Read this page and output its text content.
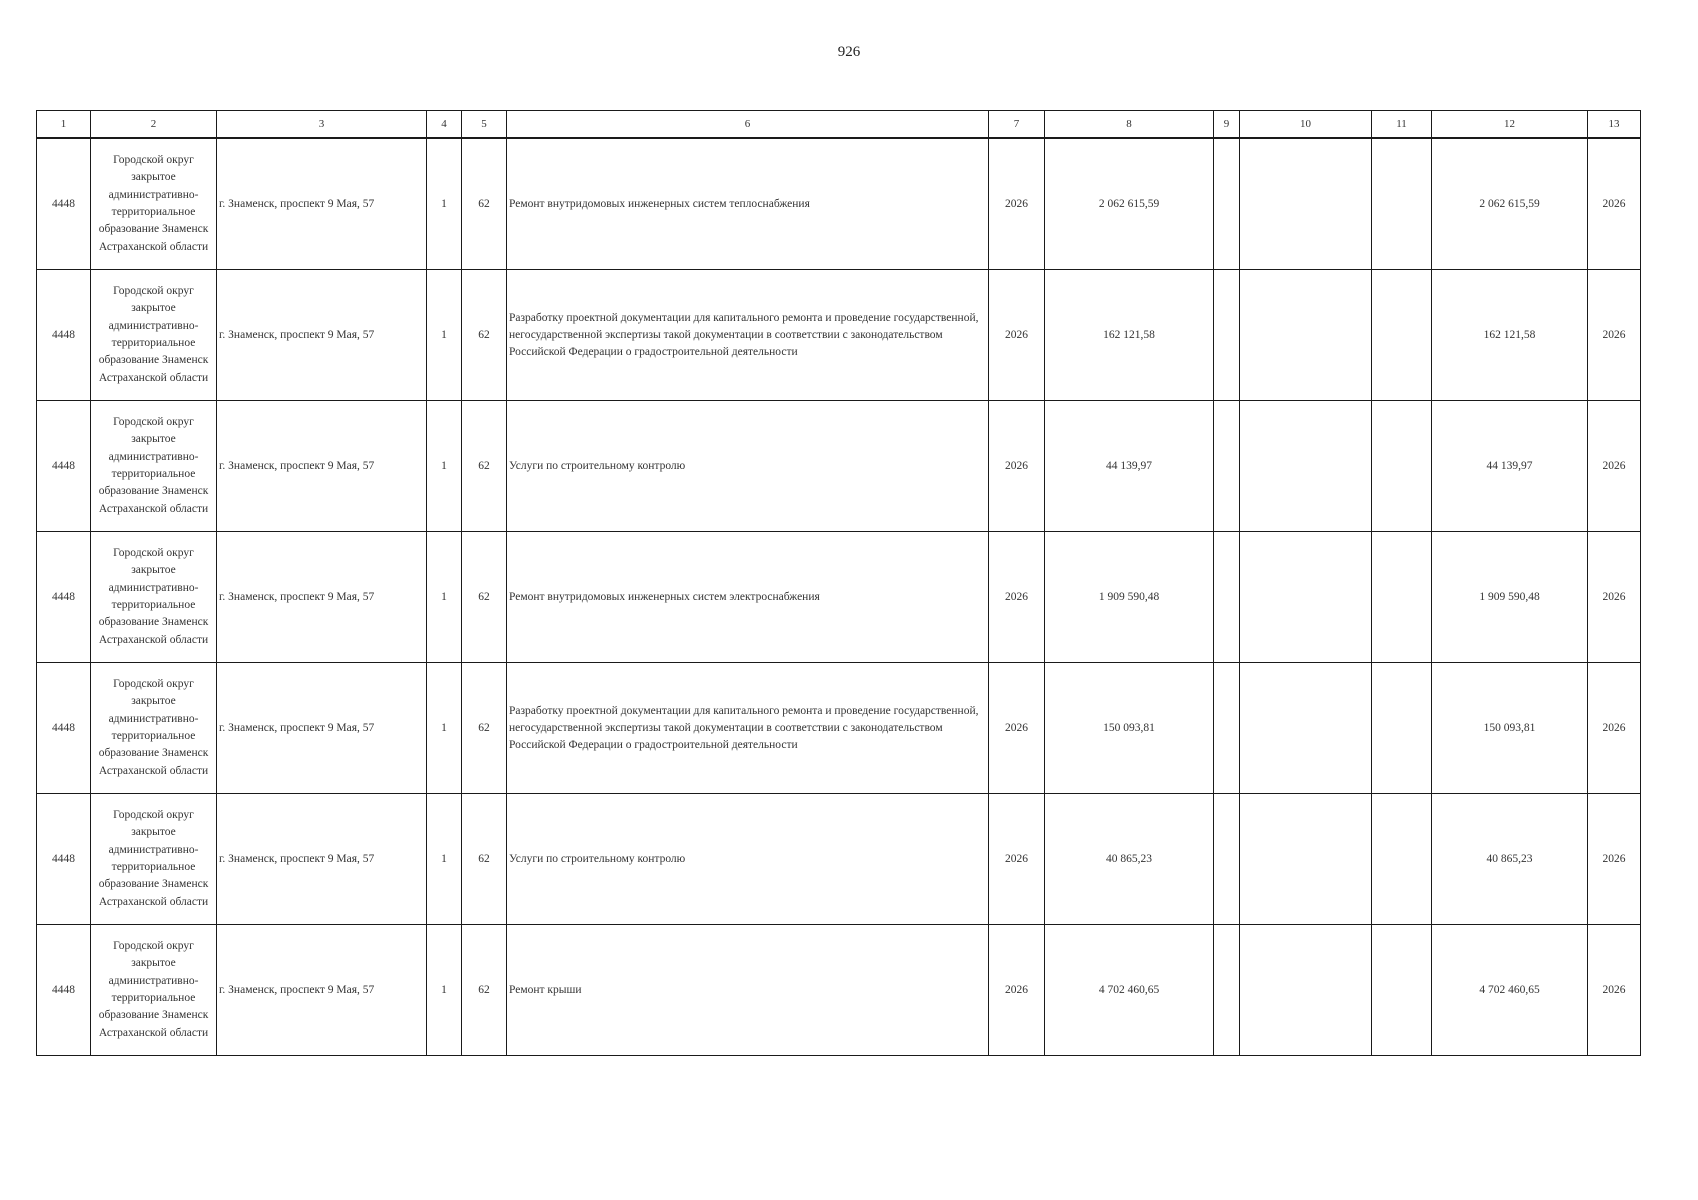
926
1	2	3	4	5	6	7	8	9	10	11	12	13
4448	Городской округ закрытое административно-территориальное образование Знаменск Астраханской области	г. Знаменск, проспект 9 Мая, 57	1	62	Ремонт внутридомовых инженерных систем теплоснабжения	2026	2 062 615,59				2 062 615,59	2026
4448	Городской округ закрытое административно-территориальное образование Знаменск Астраханской области	г. Знаменск, проспект 9 Мая, 57	1	62	Разработку проектной документации для капитального ремонта и проведение государственной, негосударственной экспертизы такой документации в соответствии с законодательством Российской Федерации о градостроительной деятельности	2026	162 121,58				162 121,58	2026
4448	Городской округ закрытое административно-территориальное образование Знаменск Астраханской области	г. Знаменск, проспект 9 Мая, 57	1	62	Услуги по строительному контролю	2026	44 139,97				44 139,97	2026
4448	Городской округ закрытое административно-территориальное образование Знаменск Астраханской области	г. Знаменск, проспект 9 Мая, 57	1	62	Ремонт внутридомовых инженерных систем электроснабжения	2026	1 909 590,48				1 909 590,48	2026
4448	Городской округ закрытое административно-территориальное образование Знаменск Астраханской области	г. Знаменск, проспект 9 Мая, 57	1	62	Разработку проектной документации для капитального ремонта и проведение государственной, негосударственной экспертизы такой документации в соответствии с законодательством Российской Федерации о градостроительной деятельности	2026	150 093,81				150 093,81	2026
4448	Городской округ закрытое административно-территориальное образование Знаменск Астраханской области	г. Знаменск, проспект 9 Мая, 57	1	62	Услуги по строительному контролю	2026	40 865,23				40 865,23	2026
4448	Городской округ закрытое административно-территориальное образование Знаменск Астраханской области	г. Знаменск, проспект 9 Мая, 57	1	62	Ремонт крыши	2026	4 702 460,65				4 702 460,65	2026
